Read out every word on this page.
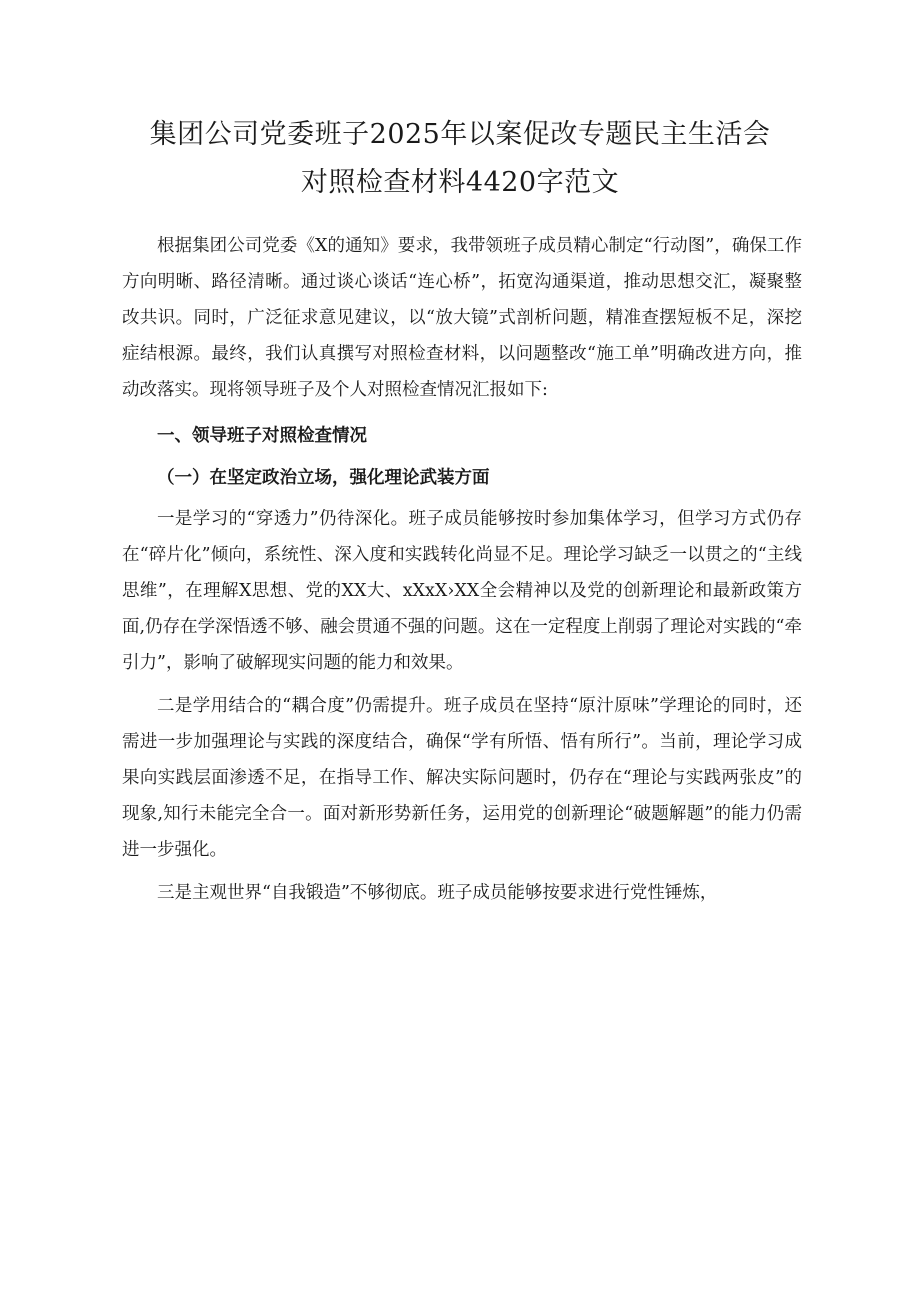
集团公司党委班子2025年以案促改专题民主生活会
对照检查材料4420字范文

根据集团公司党委《X的通知》要求，我带领班子成员精心制定“行动图”，确保工作方向明晰、路径清晰。通过谈心谈话“连心桥”，拓宽沟通渠道，推动思想交汇，凝聚整改共识。同时，广泛征求意见建议，以“放大镜”式剖析问题，精准查摆短板不足，深挖症结根源。最终，我们认真撰写对照检查材料，以问题整改“施工单”明确改进方向，推动改落实。现将领导班子及个人对照检查情况汇报如下:

一、领导班子对照检查情况

（一）在坚定政治立场，强化理论武装方面

一是学习的“穿透力”仍待深化。班子成员能够按时参加集体学习，但学习方式仍存在“碎片化”倾向，系统性、深入度和实践转化尚显不足。理论学习缺乏一以贯之的“主线思维”，在理解X思想、党的XX大、xXxX›XX全会精神以及党的创新理论和最新政策方面,仍存在学深悟透不够、融会贯通不强的问题。这在一定程度上削弱了理论对实践的“牵引力”，影响了破解现实问题的能力和效果。

二是学用结合的“耦合度”仍需提升。班子成员在坚持“原汁原味”学理论的同时，还需进一步加强理论与实践的深度结合，确保“学有所悟、悟有所行”。当前，理论学习成果向实践层面渗透不足，在指导工作、解决实际问题时，仍存在“理论与实践两张皮”的现象,知行未能完全合一。面对新形势新任务，运用党的创新理论“破题解题”的能力仍需进一步强化。

三是主观世界“自我锻造”不够彻底。班子成员能够按要求进行党性锤炼，
